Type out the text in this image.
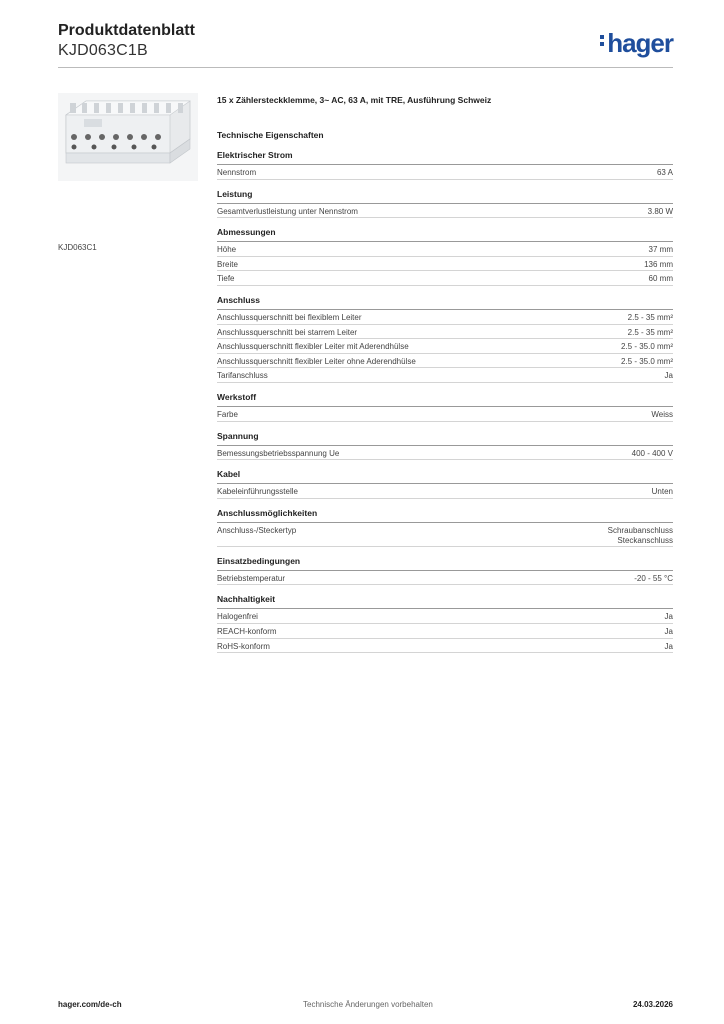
Produktdatenblatt
KJD063C1B	hager
KJD063C1
15 x Zählersteckklemme, 3~ AC, 63 A, mit TRE, Ausführung Schweiz
Technische Eigenschaften
Elektrischer Strom
Nennstrom	63 A
Leistung
Gesamtverlustleistung unter Nennstrom	3.80 W
Abmessungen
Höhe	37 mm
Breite	136 mm
Tiefe	60 mm
Anschluss
Anschlussquerschnitt bei flexiblem Leiter	2.5 - 35 mm²
Anschlussquerschnitt bei starrem Leiter	2.5 - 35 mm²
Anschlussquerschnitt flexibler Leiter mit Aderendhülse	2.5 - 35.0 mm²
Anschlussquerschnitt flexibler Leiter ohne Aderendhülse	2.5 - 35.0 mm²
Tarifanschluss	Ja
Werkstoff
Farbe	Weiss
Spannung
Bemessungsbetriebsspannung Ue	400 - 400 V
Kabel
Kabeleinführungsstelle	Unten
Anschlussmöglichkeiten
Anschluss-/Steckertyp	Schraubanschluss
Steckanschluss
Einsatzbedingungen
Betriebstemperatur	-20 - 55 °C
Nachhaltigkeit
Halogenfrei	Ja
REACH-konform	Ja
RoHS-konform	Ja
hager.com/de-ch	Technische Änderungen vorbehalten	24.03.2026
